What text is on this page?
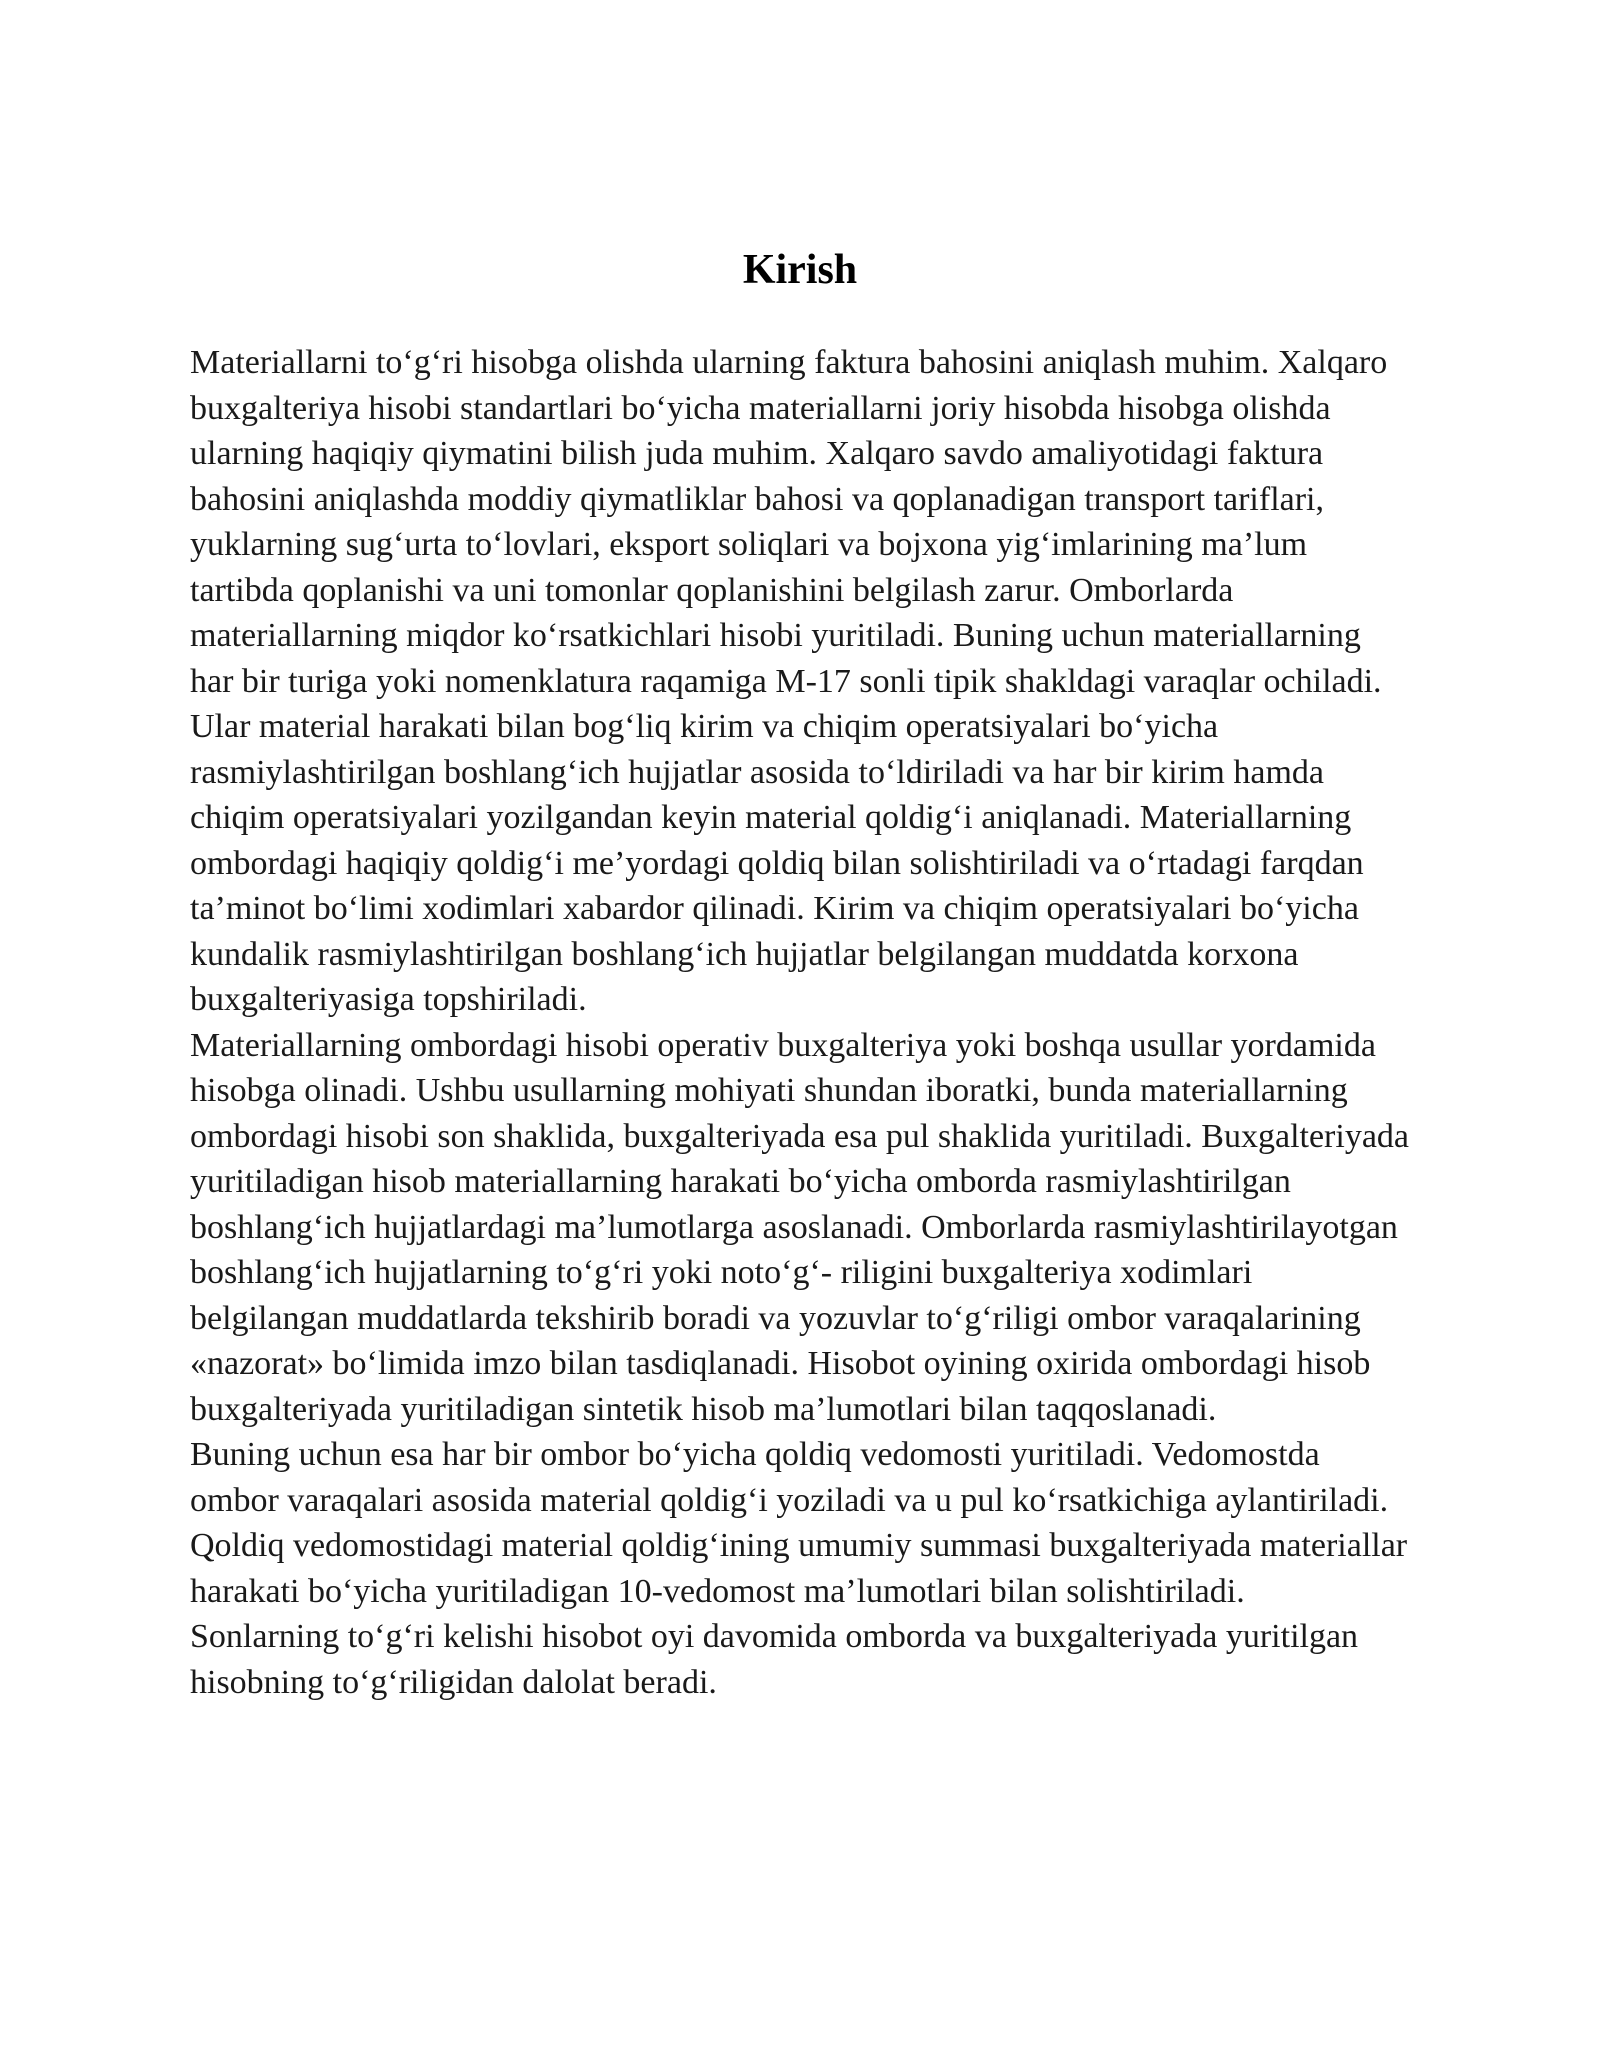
Kirish

Materiallarni to‘g‘ri hisobga olishda ularning faktura bahosini aniqlash muhim. Xalqaro
buxgalteriya hisobi standartlari bo‘yicha materiallarni joriy hisobda hisobga olishda
ularning haqiqiy qiymatini bilish juda muhim. Xalqaro savdo amaliyotidagi faktura
bahosini aniqlashda moddiy qiymatliklar bahosi va qoplanadigan transport tariflari,
yuklarning sug‘urta to‘lovlari, eksport soliqlari va bojxona yig‘imlarining ma’lum
tartibda qoplanishi va uni tomonlar qoplanishini belgilash zarur. Omborlarda
materiallarning miqdor ko‘rsatkichlari hisobi yuritiladi. Buning uchun materiallarning
har bir turiga yoki nomenklatura raqamiga M-17 sonli tipik shakldagi varaqlar ochiladi.
Ular material harakati bilan bog‘liq kirim va chiqim operatsiyalari bo‘yicha
rasmiylashtirilgan boshlang‘ich hujjatlar asosida to‘ldiriladi va har bir kirim hamda
chiqim operatsiyalari yozilgandan keyin material qoldig‘i aniqlanadi. Materiallarning
ombordagi haqiqiy qoldig‘i me’yordagi qoldiq bilan solishtiriladi va o‘rtadagi farqdan
ta’minot bo‘limi xodimlari xabardor qilinadi. Kirim va chiqim operatsiyalari bo‘yicha
kundalik rasmiylashtirilgan boshlang‘ich hujjatlar belgilangan muddatda korxona
buxgalteriyasiga topshiriladi.

Materiallarning ombordagi hisobi operativ buxgalteriya yoki boshqa usullar yordamida
hisobga olinadi. Ushbu usullarning mohiyati shundan iboratki, bunda materiallarning
ombordagi hisobi son shaklida, buxgalteriyada esa pul shaklida yuritiladi. Buxgalteriyada
yuritiladigan hisob materiallarning harakati bo‘yicha omborda rasmiylashtirilgan
boshlang‘ich hujjatlardagi ma’lumotlarga asoslanadi. Omborlarda rasmiylashtirilayotgan
boshlang‘ich hujjatlarning to‘g‘ri yoki noto‘g‘- riligini buxgalteriya xodimlari
belgilangan muddatlarda tekshirib boradi va yozuvlar to‘g‘riligi ombor varaqalarining
«nazorat» bo‘limida imzo bilan tasdiqlanadi. Hisobot oyining oxirida ombordagi hisob
buxgalteriyada yuritiladigan sintetik hisob ma’lumotlari bilan taqqoslanadi.

Buning uchun esa har bir ombor bo‘yicha qoldiq vedomosti yuritiladi. Vedomostda
ombor varaqalari asosida material qoldig‘i yoziladi va u pul ko‘rsatkichiga aylantiriladi.
Qoldiq vedomostidagi material qoldig‘ining umumiy summasi buxgalteriyada materiallar
harakati bo‘yicha yuritiladigan 10-vedomost ma’lumotlari bilan solishtiriladi.
Sonlarning to‘g‘ri kelishi hisobot oyi davomida omborda va buxgalteriyada yuritilgan
hisobning to‘g‘riligidan dalolat beradi.
